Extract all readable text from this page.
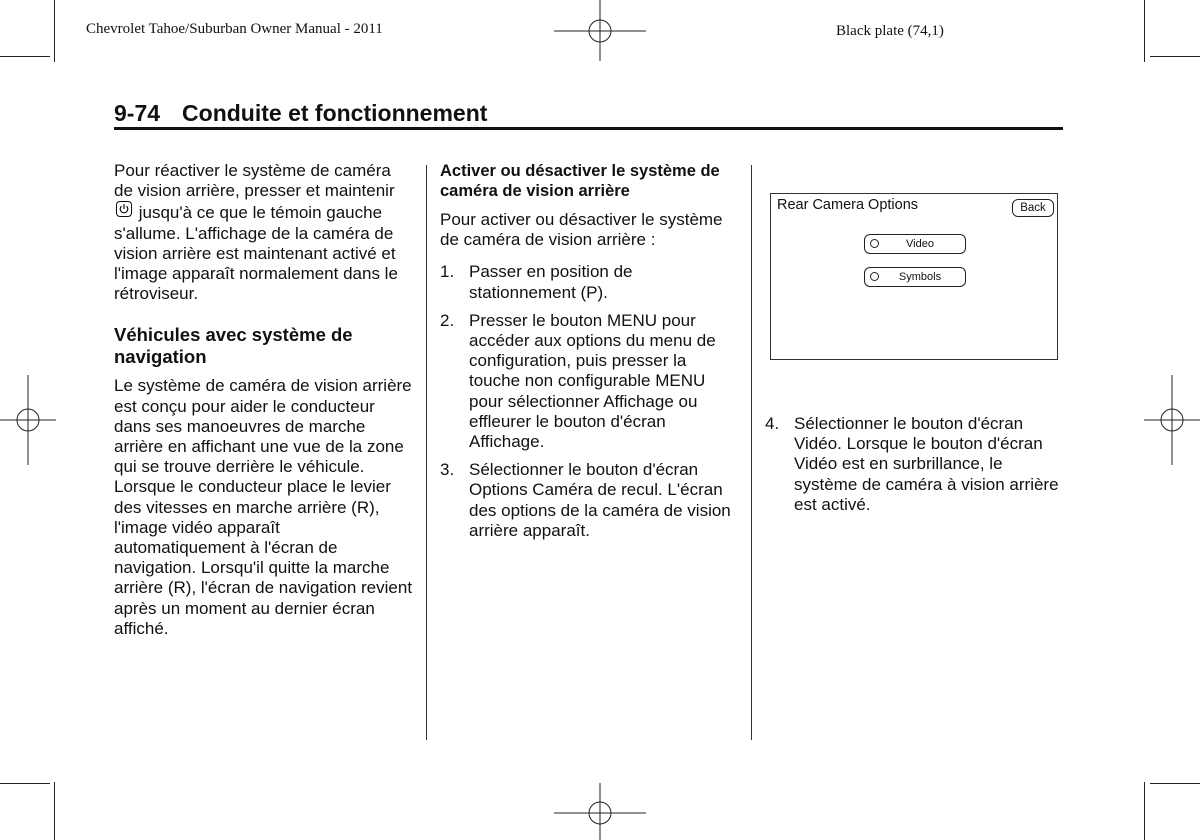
Chevrolet Tahoe/Suburban Owner Manual - 2011	Black plate (74,1)
9-74 Conduite et fonctionnement

Pour réactiver le système de caméra de vision arrière, presser et maintenir
jusqu'à ce que le témoin gauche s'allume. L'affichage de la caméra de vision arrière est maintenant activé et l'image apparaît normalement dans le rétroviseur.

Véhicules avec système de navigation

Le système de caméra de vision arrière est conçu pour aider le conducteur dans ses manoeuvres de marche arrière en affichant une vue de la zone qui se trouve derrière le véhicule. Lorsque le conducteur place le levier des vitesses en marche arrière (R), l'image vidéo apparaît automatiquement à l'écran de navigation. Lorsqu'il quitte la marche arrière (R), l'écran de navigation revient après un moment au dernier écran affiché.

Activer ou désactiver le système de caméra de vision arrière

Pour activer ou désactiver le système de caméra de vision arrière :

1. Passer en position de stationnement (P).
2. Presser le bouton MENU pour accéder aux options du menu de configuration, puis presser la touche non configurable MENU pour sélectionner Affichage ou effleurer le bouton d'écran Affichage.
3. Sélectionner le bouton d'écran Options Caméra de recul. L'écran des options de la caméra de vision arrière apparaît.
Rear Camera Options	Back
Video
Symbols
4. Sélectionner le bouton d'écran Vidéo. Lorsque le bouton d'écran Vidéo est en surbrillance, le système de caméra à vision arrière est activé.
